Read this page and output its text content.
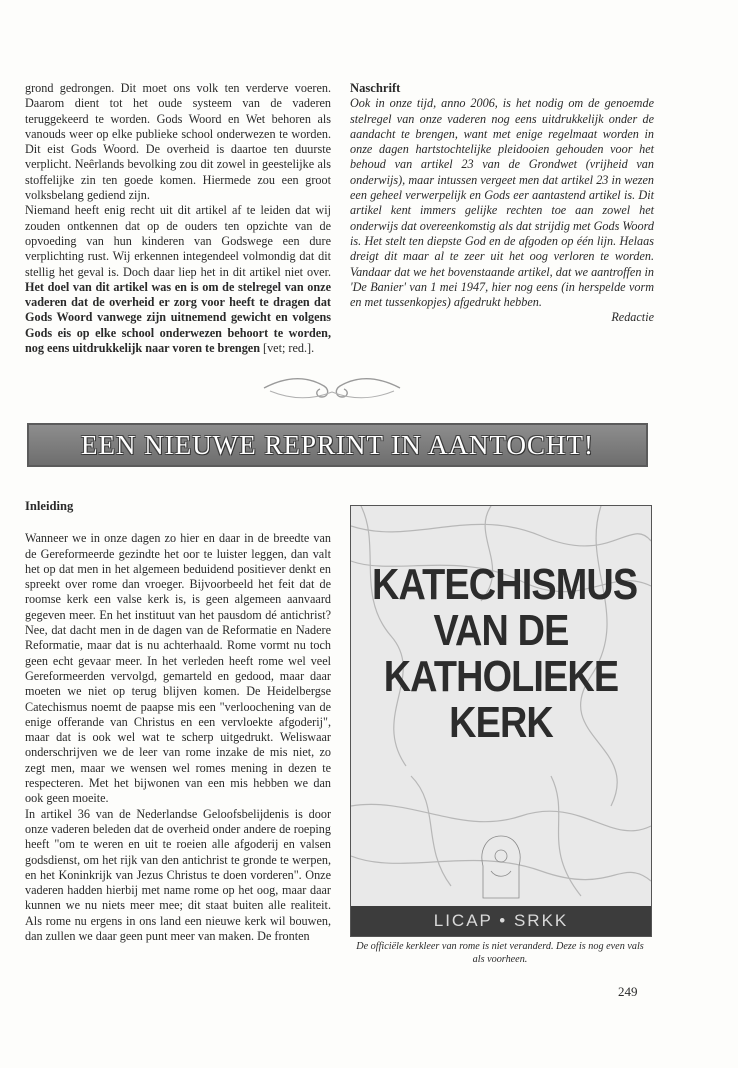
grond gedrongen. Dit moet ons volk ten verderve voeren. Daarom dient tot het oude systeem van de vaderen teruggekeerd te worden. Gods Woord en Wet behoren als vanouds weer op elke publieke school onderwezen te worden. Dit eist Gods Woord. De overheid is daartoe ten duurste verplicht. Neêrlands bevolking zou dit zowel in geestelijke als stoffelijke zin ten goede komen. Hiermede zou een groot volksbelang gediend zijn.

Niemand heeft enig recht uit dit artikel af te leiden dat wij zouden ontkennen dat op de ouders ten opzichte van de opvoeding van hun kinderen van Godswege een dure verplichting rust. Wij erkennen integendeel volmondig dat dit stellig het geval is. Doch daar liep het in dit artikel niet over. Het doel van dit artikel was en is om de stelregel van onze vaderen dat de overheid er zorg voor heeft te dragen dat Gods Woord vanwege zijn uitnemend gewicht en volgens Gods eis op elke school onderwezen behoort te worden, nog eens uitdrukkelijk naar voren te brengen [vet; red.].

Naschrift

Ook in onze tijd, anno 2006, is het nodig om de genoemde stelregel van onze vaderen nog eens uitdrukkelijk onder de aandacht te brengen, want met enige regelmaat worden in onze dagen hartstochtelijke pleidooien gehouden voor het behoud van artikel 23 van de Grondwet (vrijheid van onderwijs), maar intussen vergeet men dat artikel 23 in wezen een geheel verwerpelijk en Gods eer aantastend artikel is. Dit artikel kent immers gelijke rechten toe aan zowel het onderwijs dat overeenkomstig als dat strijdig met Gods Woord is. Het stelt ten diepste God en de afgoden op één lijn. Helaas dreigt dit maar al te zeer uit het oog verloren te worden. Vandaar dat we het bovenstaande artikel, dat we aantroffen in 'De Banier' van 1 mei 1947, hier nog eens (in herspelde vorm en met tussenkopjes) afgedrukt hebben.

Redactie

EEN NIEUWE REPRINT IN AANTOCHT!

Inleiding

Wanneer we in onze dagen zo hier en daar in de breedte van de Gereformeerde gezindte het oor te luister leggen, dan valt het op dat men in het algemeen beduidend positiever denkt en spreekt over rome dan vroeger. Bijvoorbeeld het feit dat de roomse kerk een valse kerk is, is geen algemeen aanvaard gegeven meer. En het instituut van het pausdom dé antichrist? Nee, dat dacht men in de dagen van de Reformatie en Nadere Reformatie, maar dat is nu achterhaald. Rome vormt nu toch geen echt gevaar meer. In het verleden heeft rome wel veel Gereformeerden vervolgd, gemarteld en gedood, maar daar moeten we niet op terug blijven komen. De Heidelbergse Catechismus noemt de paapse mis een "verloochening van de enige offerande van Christus en een vervloekte afgoderij", maar dat is ook wel wat te scherp uitgedrukt. Weliswaar onderschrijven we de leer van rome inzake de mis niet, zo zegt men, maar we wensen wel romes mening in dezen te respecteren. Met het bijwonen van een mis hebben we dan ook geen moeite.

In artikel 36 van de Nederlandse Geloofsbelijdenis is door onze vaderen beleden dat de overheid onder andere de roeping heeft "om te weren en uit te roeien alle afgoderij en valsen godsdienst, om het rijk van den antichrist te gronde te werpen, en het Koninkrijk van Jezus Christus te doen vorderen". Onze vaderen hadden hierbij met name rome op het oog, maar daar kunnen we nu niets meer mee; dit staat buiten alle realiteit. Als rome nu ergens in ons land een nieuwe kerk wil bouwen, dan zullen we daar geen punt meer van maken. De fronten

KATECHISMUS
VAN DE
KATHOLIEKE
KERK
LICAP • SRKK
De officiële kerkleer van rome is niet veranderd. Deze is nog even vals als voorheen.
249
